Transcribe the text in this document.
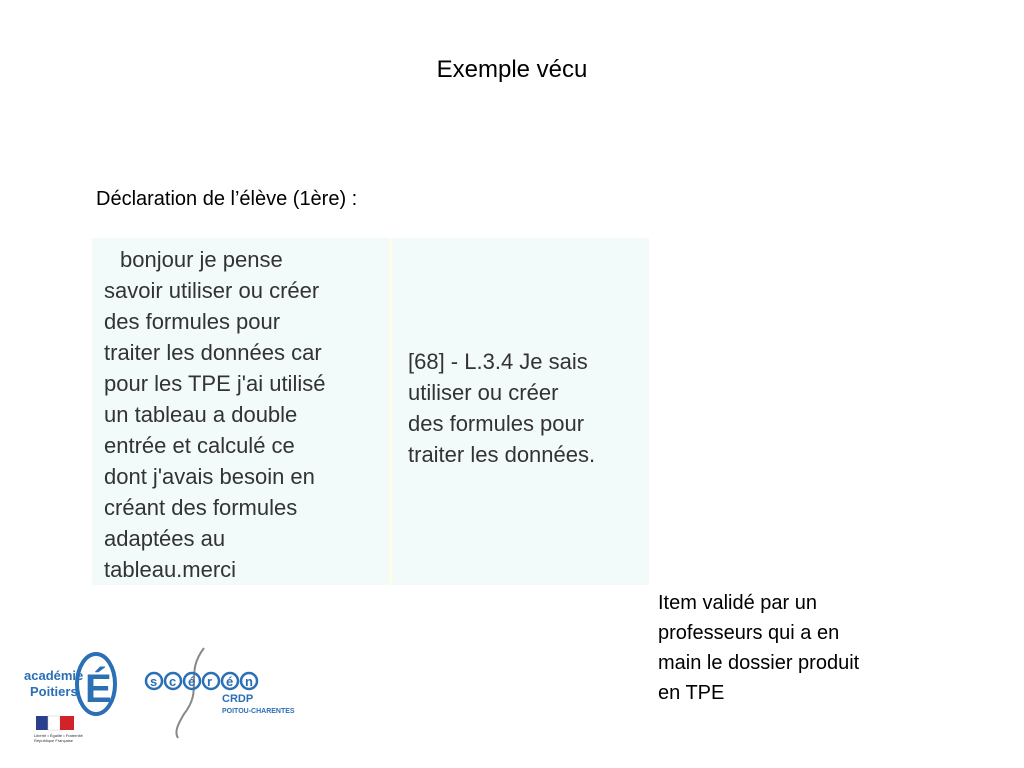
Exemple vécu
Déclaration de l’élève (1ère) :
bonjour je pense
savoir utiliser ou créer
des formules pour
traiter les données car
pour les TPE j'ai utilisé
un tableau a double
entrée et calculé ce
dont j'avais besoin en
créant des formules
adaptées au
tableau.merci
[68] - L.3.4 Je sais
utiliser ou créer
des formules pour
traiter les données.
Item validé par un
professeurs qui a en
main le dossier produit
en TPE
académie
Poitiers É
Liberté • Égalité • Fraternité
République Française
s c é r é n
CRDP
POITOU-CHARENTES
